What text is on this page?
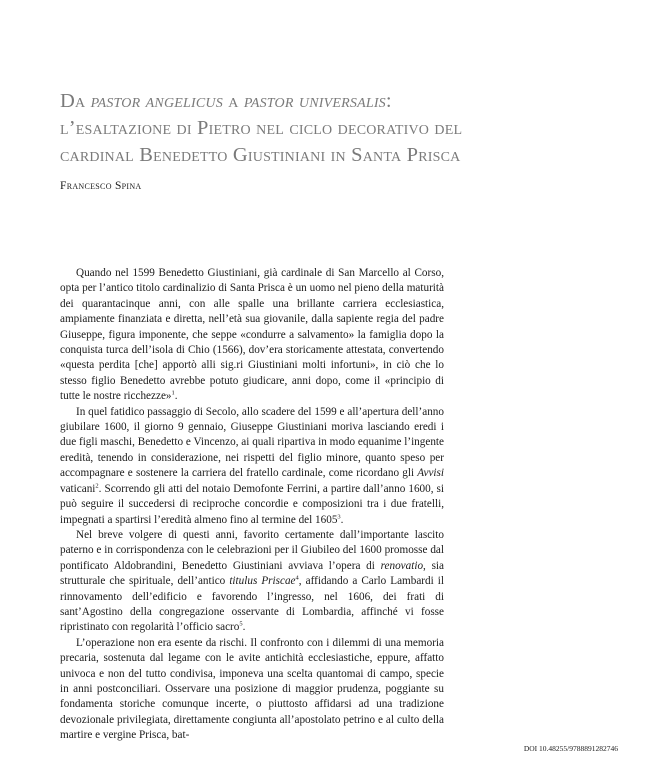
Da pastor angelicus a pastor universalis:
l’esaltazione di Pietro nel ciclo decorativo del
cardinal Benedetto Giustiniani in Santa Prisca
Francesco Spina

Quando nel 1599 Benedetto Giustiniani, già cardinale di San Marcello al Corso, opta per l’antico titolo cardinalizio di Santa Prisca è un uomo nel pieno della maturità dei quarantacinque anni, con alle spalle una brillante carriera ecclesiastica, ampiamente finanziata e diretta, nell’età sua giovanile, dalla sapiente regia del padre Giuseppe, figura imponente, che seppe «condurre a salvamento» la famiglia dopo la conquista turca dell’isola di Chio (1566), dov’era storicamente attestata, convertendo «questa perdita [che] apportò alli sig.ri Giustiniani molti infortuni», in ciò che lo stesso figlio Benedetto avrebbe potuto giudicare, anni dopo, come il «principio di tutte le nostre ricchezze»$^1$.

In quel fatidico passaggio di Secolo, allo scadere del 1599 e all’apertura dell’anno giubilare 1600, il giorno 9 gennaio, Giuseppe Giustiniani moriva lasciando eredi i due figli maschi, Benedetto e Vincenzo, ai quali ripartiva in modo equanime l’ingente eredità, tenendo in considerazione, nei rispetti del figlio minore, quanto speso per accompagnare e sostenere la carriera del fratello cardinale, come ricordano gli Avvisi vaticani$^2$. Scorrendo gli atti del notaio Demofonte Ferrini, a partire dall’anno 1600, si può seguire il succedersi di reciproche concordie e composizioni tra i due fratelli, impegnati a spartirsi l’eredità almeno fino al termine del 1605$^3$.

Nel breve volgere di questi anni, favorito certamente dall’importante lascito paterno e in corrispondenza con le celebrazioni per il Giubileo del 1600 promosse dal pontificato Aldobrandini, Benedetto Giustiniani avviava l’opera di renovatio, sia strutturale che spirituale, dell’antico titulus Priscae$^4$, affidando a Carlo Lambardi il rinnovamento dell’edificio e favorendo l’ingresso, nel 1606, dei frati di sant’Agostino della congregazione osservante di Lombardia, affinché vi fosse ripristinato con regolarità l’officio sacro$^5$.

L’operazione non era esente da rischi. Il confronto con i dilemmi di una memoria precaria, sostenuta dal legame con le avite antichità ecclesiastiche, eppure, affatto univoca e non del tutto condivisa, imponeva una scelta quantomai di campo, specie in anni postconciliari. Osservare una posizione di maggior prudenza, poggiante su fondamenta storiche comunque incerte, o piuttosto affidarsi ad una tradizione devozionale privilegiata, direttamente congiunta all’apostolato petrino e al culto della martire e vergine Prisca, bat-

DOI 10.48255/9788891282746
